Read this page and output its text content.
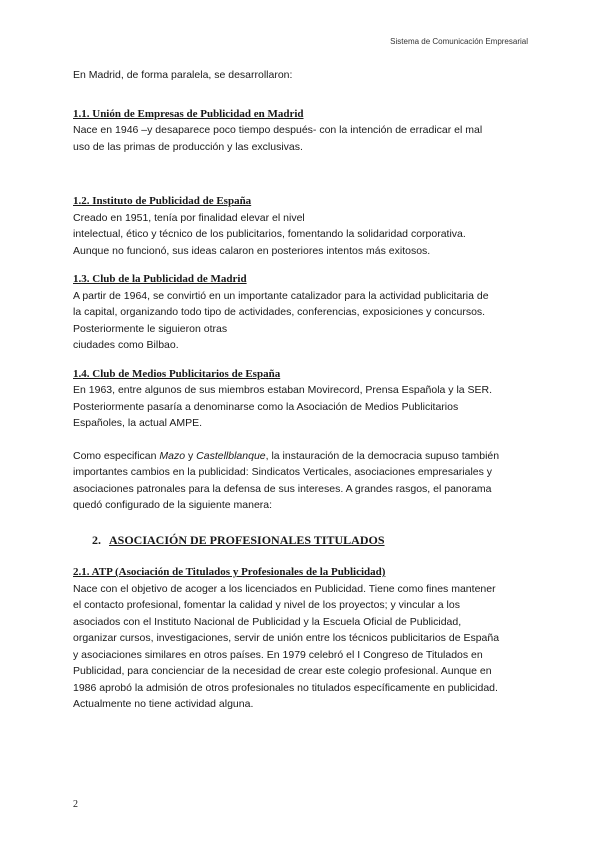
Sistema de Comunicación Empresarial

En Madrid, de forma paralela, se desarrollaron:

1.1. Unión de Empresas de Publicidad en Madrid

Nace en 1946 –y desaparece poco tiempo después- con la intención de erradicar el mal
uso de las primas de producción y las exclusivas.

1.2. Instituto de Publicidad de España

Creado en 1951, tenía por finalidad elevar el nivel
intelectual, ético y técnico de los publicitarios, fomentando la solidaridad corporativa.
Aunque no funcionó, sus ideas calaron en posteriores intentos más exitosos.

1.3. Club de la Publicidad de Madrid

A partir de 1964, se convirtió en un importante catalizador para la actividad publicitaria de
la capital, organizando todo tipo de actividades, conferencias, exposiciones y concursos.
Posteriormente le siguieron otras
ciudades como Bilbao.

1.4. Club de Medios Publicitarios de España

En 1963, entre algunos de sus miembros estaban Movirecord, Prensa Española y la SER.
Posteriormente pasaría a denominarse como la Asociación de Medios Publicitarios
Españoles, la actual AMPE.
Como especifican Mazo y Castellblanque, la instauración de la democracia supuso también
importantes cambios en la publicidad: Sindicatos Verticales, asociaciones empresariales y
asociaciones patronales para la defensa de sus intereses. A grandes rasgos, el panorama
quedó configurado de la siguiente manera:

2. ASOCIACIÓN DE PROFESIONALES TITULADOS

2.1. ATP (Asociación de Titulados y Profesionales de la Publicidad)

Nace con el objetivo de acoger a los licenciados en Publicidad. Tiene como fines mantener
el contacto profesional, fomentar la calidad y nivel de los proyectos; y vincular a los
asociados con el Instituto Nacional de Publicidad y la Escuela Oficial de Publicidad,
organizar cursos, investigaciones, servir de unión entre los técnicos publicitarios de España
y asociaciones similares en otros países. En 1979 celebró el I Congreso de Titulados en
Publicidad, para concienciar de la necesidad de crear este colegio profesional. Aunque en
1986 aprobó la admisión de otros profesionales no titulados específicamente en publicidad.
Actualmente no tiene actividad alguna.
2
